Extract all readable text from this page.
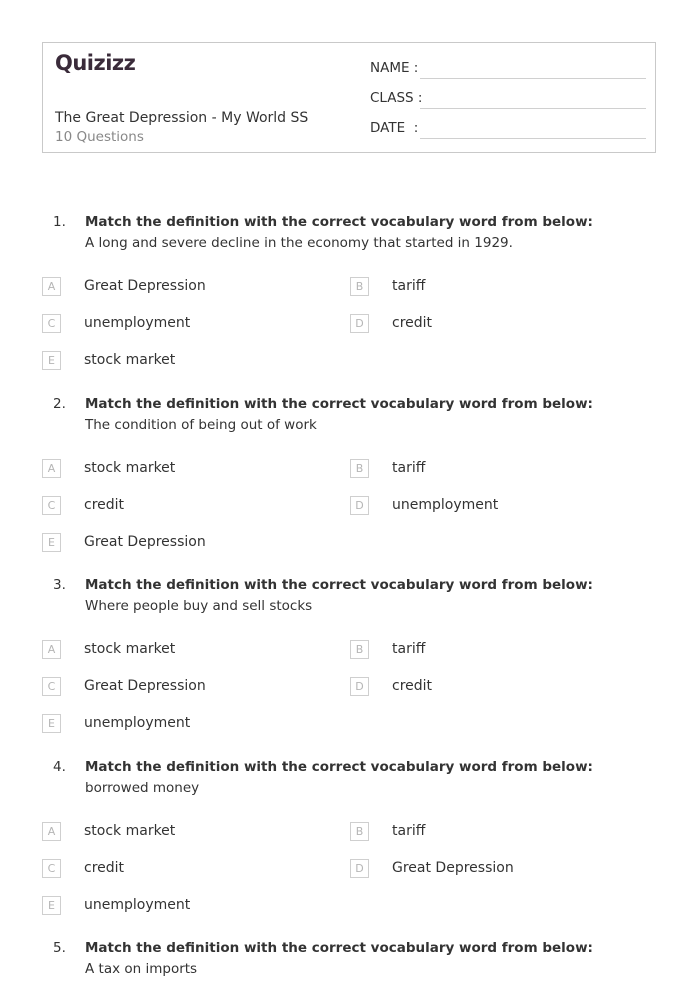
Quizizz
The Great Depression - My World SS
10 Questions
NAME :
CLASS :
DATE  :
1. Match the definition with the correct vocabulary word from below:
A long and severe decline in the economy that started in 1929.
A	Great Depression	B	tariff
C	unemployment	D	credit
E	stock market
2. Match the definition with the correct vocabulary word from below:
The condition of being out of work
A	stock market	B	tariff
C	credit	D	unemployment
E	Great Depression
3. Match the definition with the correct vocabulary word from below:
Where people buy and sell stocks
A	stock market	B	tariff
C	Great Depression	D	credit
E	unemployment
4. Match the definition with the correct vocabulary word from below:
borrowed money
A	stock market	B	tariff
C	credit	D	Great Depression
E	unemployment
5. Match the definition with the correct vocabulary word from below:
A tax on imports
